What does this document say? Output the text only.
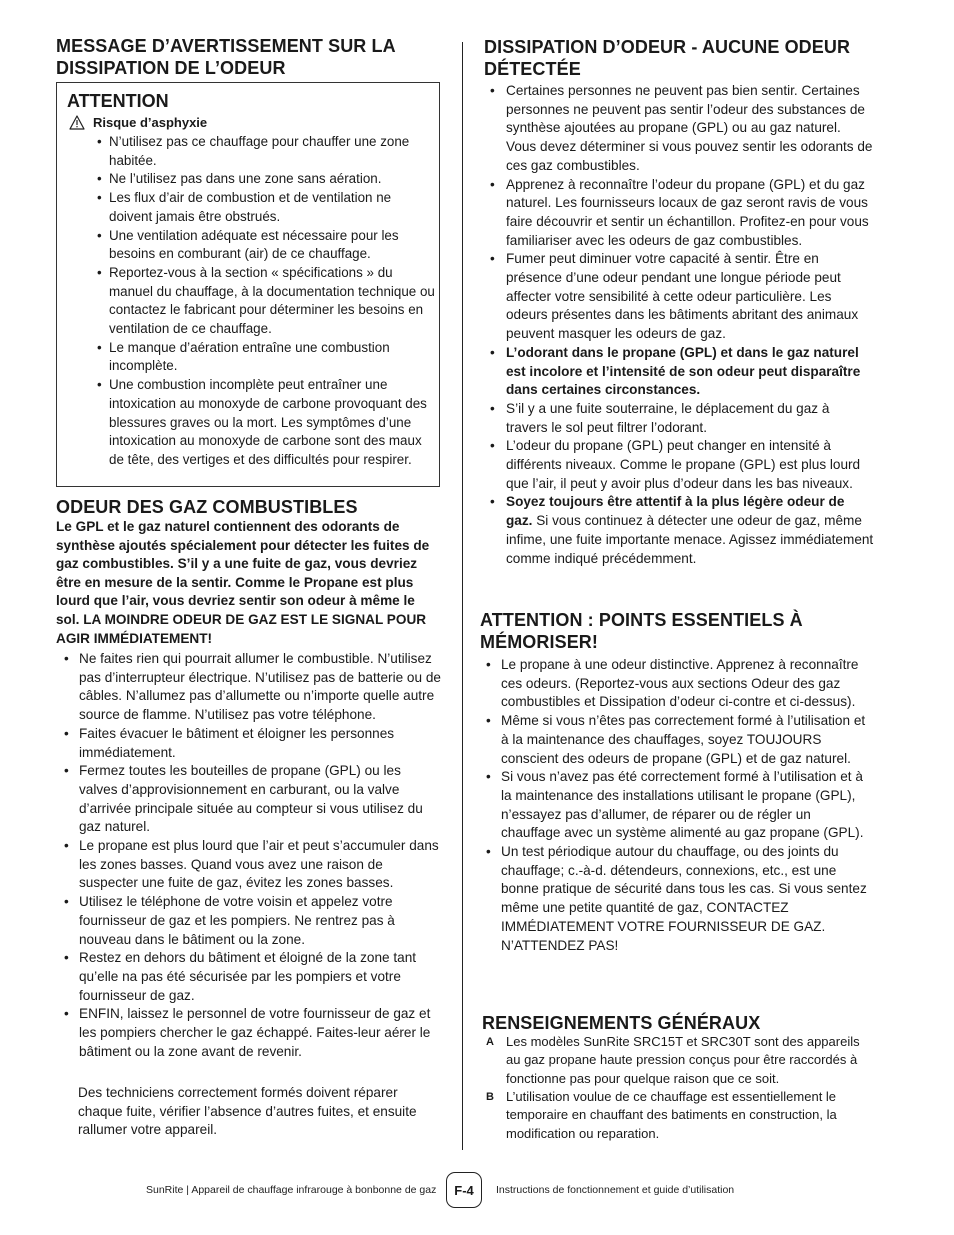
MESSAGE D’AVERTISSEMENT SUR LA DISSIPATION DE L’ODEUR
ATTENTION
Risque d’asphyxie
• N’utilisez pas ce chauffage pour chauffer une zone habitée.
• Ne l’utilisez pas dans une zone sans aération.
• Les flux d’air de combustion et de ventilation ne doivent jamais être obstrués.
• Une ventilation adéquate est nécessaire pour les besoins en comburant (air) de ce chauffage.
• Reportez-vous à la section « spécifications » du manuel du chauffage, à la documentation technique ou contactez le fabricant pour déterminer les besoins en ventilation de ce chauffage.
• Le manque d’aération entraîne une combustion incomplète.
• Une combustion incomplète peut entraîner une intoxication au monoxyde de carbone provoquant des blessures graves ou la mort. Les symptômes d’une intoxication au monoxyde de carbone sont des maux de tête, des vertiges et des difficultés pour respirer.
ODEUR DES GAZ COMBUSTIBLES
Le GPL et le gaz naturel contiennent des odorants de synthèse ajoutés spécialement pour détecter les fuites de gaz combustibles. S’il y a une fuite de gaz, vous devriez être en mesure de la sentir. Comme le Propane est plus lourd que l’air, vous devriez sentir son odeur à même le sol. LA MOINDRE ODEUR DE GAZ EST LE SIGNAL POUR AGIR IMMÉDIATEMENT!
• Ne faites rien qui pourrait allumer le combustible. N’utilisez pas d’interrupteur électrique. N’utilisez pas de batterie ou de câbles. N’allumez pas d’allumette ou n’importe quelle autre source de flamme. N’utilisez pas votre téléphone.
• Faites évacuer le bâtiment et éloigner les personnes immédiatement.
• Fermez toutes les bouteilles de propane (GPL) ou les valves d’approvisionnement en carburant, ou la valve d’arrivée principale située au compteur si vous utilisez du gaz naturel.
• Le propane est plus lourd que l’air et peut s’accumuler dans les zones basses. Quand vous avez une raison de suspecter une fuite de gaz, évitez les zones basses.
• Utilisez le téléphone de votre voisin et appelez votre fournisseur de gaz et les pompiers. Ne rentrez pas à nouveau dans le bâtiment ou la zone.
• Restez en dehors du bâtiment et éloigné de la zone tant qu’elle na pas été sécurisée par les pompiers et votre fournisseur de gaz.
• ENFIN, laissez le personnel de votre fournisseur de gaz et les pompiers chercher le gaz échappé. Faites-leur aérer le bâtiment ou la zone avant de revenir.
Des techniciens correctement formés doivent réparer chaque fuite, vérifier l’absence d’autres fuites, et ensuite rallumer votre appareil.
DISSIPATION D’ODEUR - AUCUNE ODEUR DÉTECTÉE
• Certaines personnes ne peuvent pas bien sentir. Certaines personnes ne peuvent pas sentir l’odeur des substances de synthèse ajoutées au propane (GPL) ou au gaz naturel. Vous devez déterminer si vous pouvez sentir les odorants de ces gaz combustibles.
• Apprenez à reconnaître l’odeur du propane (GPL) et du gaz naturel. Les fournisseurs locaux de gaz seront ravis de vous faire découvrir et sentir un échantillon. Profitez-en pour vous familiariser avec les odeurs de gaz combustibles.
• Fumer peut diminuer votre capacité à sentir. Être en présence d’une odeur pendant une longue période peut affecter votre sensibilité à cette odeur particulière. Les odeurs présentes dans les bâtiments abritant des animaux peuvent masquer les odeurs de gaz.
• L’odorant dans le propane (GPL) et dans le gaz naturel est incolore et l’intensité de son odeur peut disparaître dans certaines circonstances.
• S’il y a une fuite souterraine, le déplacement du gaz à travers le sol peut filtrer l’odorant.
• L’odeur du propane (GPL) peut changer en intensité à différents niveaux. Comme le propane (GPL) est plus lourd que l’air, il peut y avoir plus d’odeur dans les bas niveaux.
• Soyez toujours être attentif à la plus légère odeur de gaz. Si vous continuez à détecter une odeur de gaz, même infime, une fuite importante menace. Agissez immédiatement comme indiqué précédemment.
ATTENTION : POINTS ESSENTIELS À MÉMORISER!
• Le propane à une odeur distinctive. Apprenez à reconnaître ces odeurs. (Reportez-vous aux sections Odeur des gaz combustibles et Dissipation d’odeur ci-contre et ci-dessus).
• Même si vous n’êtes pas correctement formé à l’utilisation et à la maintenance des chauffages, soyez TOUJOURS conscient des odeurs de propane (GPL) et de gaz naturel.
• Si vous n’avez pas été correctement formé à l’utilisation et à la maintenance des installations utilisant le propane (GPL), n’essayez pas d’allumer, de réparer ou de régler un chauffage avec un système alimenté au gaz propane (GPL).
• Un test périodique autour du chauffage, ou des joints du chauffage; c.-à-d. détendeurs, connexions, etc., est une bonne pratique de sécurité dans tous les cas. Si vous sentez même une petite quantité de gaz, CONTACTEZ IMMÉDIATEMENT VOTRE FOURNISSEUR DE GAZ. N’ATTENDEZ PAS!
RENSEIGNEMENTS GÉNÉRAUX
A Les modèles SunRite SRC15T et SRC30T sont des appareils au gaz propane haute pression conçus pour être raccordés à fonctionne pas pour quelque raison que ce soit.
B L’utilisation voulue de ce chauffage est essentiellement le temporaire en chauffant des batiments en construction, la modification ou reparation.
SunRite | Appareil de chauffage infrarouge à bonbonne de gaz	F-4	Instructions de fonctionnement et guide d’utilisation
